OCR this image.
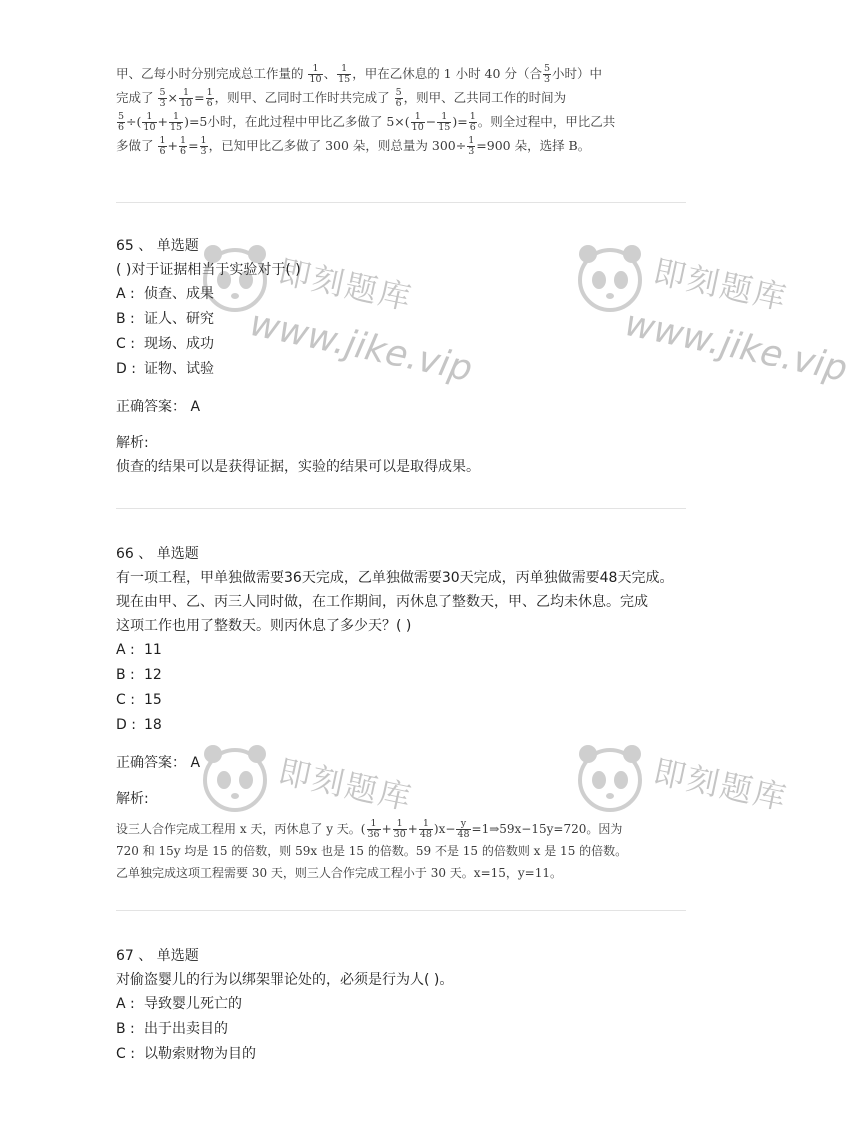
甲、乙每小时分别完成总工作量的 $\frac{1}{10}$ 、 $\frac{1}{15}$ ，甲在乙休息的 1 小时 40 分（合 $\frac{5}{3}$ 小时）中
完成了 $\frac{5}{3} \times \frac{1}{10} = \frac{1}{6}$ ，则甲、乙同时工作时共完成了 $\frac{5}{6}$ ，则甲、乙共同工作的时间为
$\frac{5}{6}$ ÷( $\frac{1}{10} + \frac{1}{15} )=5$小时，在此过程中甲比乙多做了 $5\times( \frac{1}{10} - \frac{1}{15}$ )= $\frac{1}{6}$ 。则全过程中，甲比乙共
多做了 $\frac{1}{6} + \frac{1}{6} = \frac{1}{3}$ ，已知甲比乙多做了 300 朵，则总量为 $300\div \frac{1}{3} =900$ 朵，选择 B。
65 、 单选题
( )对于证据相当于实验对于( )
A : 侦查、成果
B : 证人、研究
C : 现场、成功
D : 证物、试验
正确答案： A
解析:
侦查的结果可以是获得证据，实验的结果可以是取得成果。
66 、 单选题
有一项工程，甲单独做需要36天完成，乙单独做需要30天完成，丙单独做需要48天完成。
现在由甲、乙、丙三人同时做，在工作期间，丙休息了整数天，甲、乙均未休息。完成
这项工作也用了整数天。则丙休息了多少天？( )
A : 11
B : 12
C : 15
D : 18
正确答案： A
解析:
设三人合作完成工程用 x 天，丙休息了 y 天。( $\frac{1}{36} + \frac{1}{30} + \frac{1}{48} )x- \frac{y}{48}$ =1⇒59x−15y=720。因为
720 和 15y 均是 15 的倍数，则 59x 也是 15 的倍数。59 不是 15 的倍数则 x 是 15 的倍数。
乙单独完成这项工程需要 30 天，则三人合作完成工程小于 30 天。x=15，y=11。
67 、 单选题
对偷盗婴儿的行为以绑架罪论处的，必须是行为人( )。
A : 导致婴儿死亡的
B : 出于出卖目的
C : 以勒索财物为目的
即刻题库
www.jike.vip
即刻题库
www.jike.vip
即刻题库	即刻题库
